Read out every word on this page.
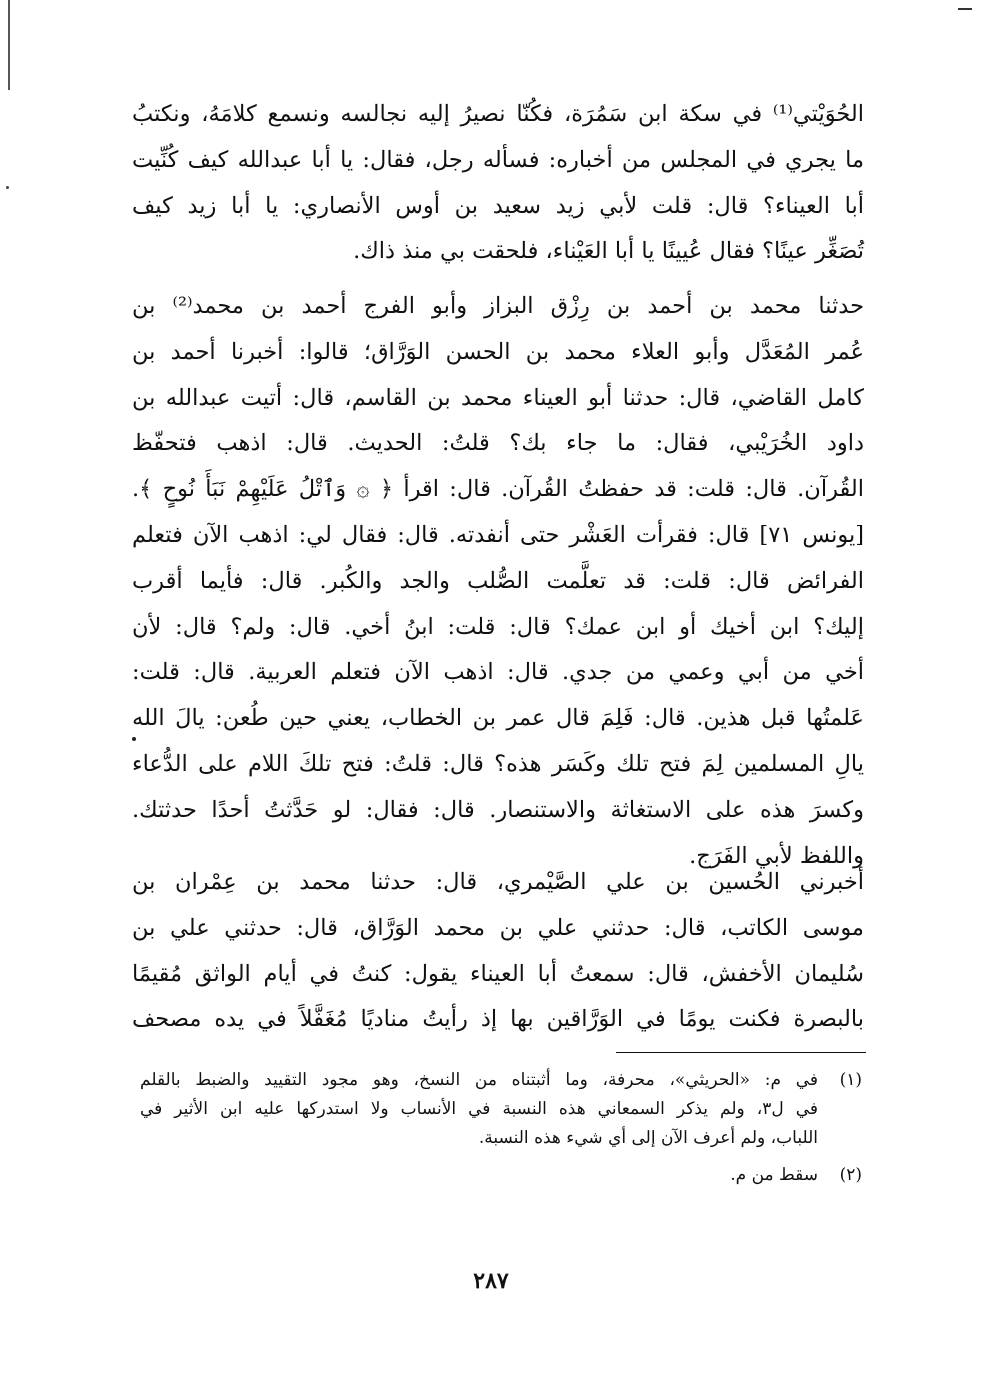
الحُوَيْتي⁽¹⁾ في سكة ابن سَمُرَة، فكُنّا نصيرُ إليه نجالسه ونسمع كلامَهُ، ونكتبُ
ما يجري في المجلس من أخباره: فسأله رجل، فقال: يا أبا عبدالله كيف كُنِّيت
أبا العيناء؟ قال: قلت لأبي زيد سعيد بن أوس الأنصاري: يا أبا زيد كيف
تُصَغِّر عينًا؟ فقال عُيينًا يا أبا العَيْناء، فلحقت بي منذ ذاك.
حدثنا محمد بن أحمد بن رِزْق البزاز وأبو الفرج أحمد بن محمد⁽²⁾ بن
عُمر المُعَدَّل وأبو العلاء محمد بن الحسن الوَرَّاق؛ قالوا: أخبرنا أحمد بن
كامل القاضي، قال: حدثنا أبو العيناء محمد بن القاسم، قال: أتيت عبدالله بن
داود الخُرَيْبي، فقال: ما جاء بك؟ قلتُ: الحديث. قال: اذهب فتحفّظ
القُرآن. قال: قلت: قد حفظتُ القُرآن. قال: اقرأ ﴿ ۞ وَٱتْلُ عَلَيْهِمْ نَبَأَ نُوحٍ ﴾.
[يونس ٧١] قال: فقرأت العَشْر حتى أنفدته. قال: فقال لي: اذهب الآن فتعلم
الفرائض قال: قلت: قد تعلَّمت الصُّلب والجد والكُبر. قال: فأيما أقرب
إليك؟ ابن أخيك أو ابن عمك؟ قال: قلت: ابنُ أخي. قال: ولم؟ قال: لأن
أخي من أبي وعمي من جدي. قال: اذهب الآن فتعلم العربية. قال: قلت:
عَلمتُها قبل هذين. قال: فَلِمَ قال عمر بن الخطاب، يعني حين طُعن: يالَ الله
يالِ المسلمين لِمَ فتح تلك وكَسَر هذه؟ قال: قلتُ: فتح تلكَ اللام على الدُّعاء
وكسرَ هذه على الاستغاثة والاستنصار. قال: فقال: لو حَدَّثتُ أحدًا حدثتك.
واللفظ لأبي الفَرَج.
أخبرني الحُسين بن علي الصَّيْمري، قال: حدثنا محمد بن عِمْران بن
موسى الكاتب، قال: حدثني علي بن محمد الوَرَّاق، قال: حدثني علي بن
سُليمان الأخفش، قال: سمعتُ أبا العيناء يقول: كنتُ في أيام الواثق مُقيمًا
بالبصرة فكنت يومًا في الوَرَّاقين بها إذ رأيتُ مناديًا مُغَفَّلاً في يده مصحف
(١)
في م: «الحريثي»، محرفة، وما أثبتناه من النسخ، وهو مجود التقييد والضبط بالقلم
في ل٣، ولم يذكر السمعاني هذه النسبة في الأنساب ولا استدركها عليه ابن الأثير في
اللباب، ولم أعرف الآن إلى أي شيء هذه النسبة.
(٢)
سقط من م.
٢٨٧
